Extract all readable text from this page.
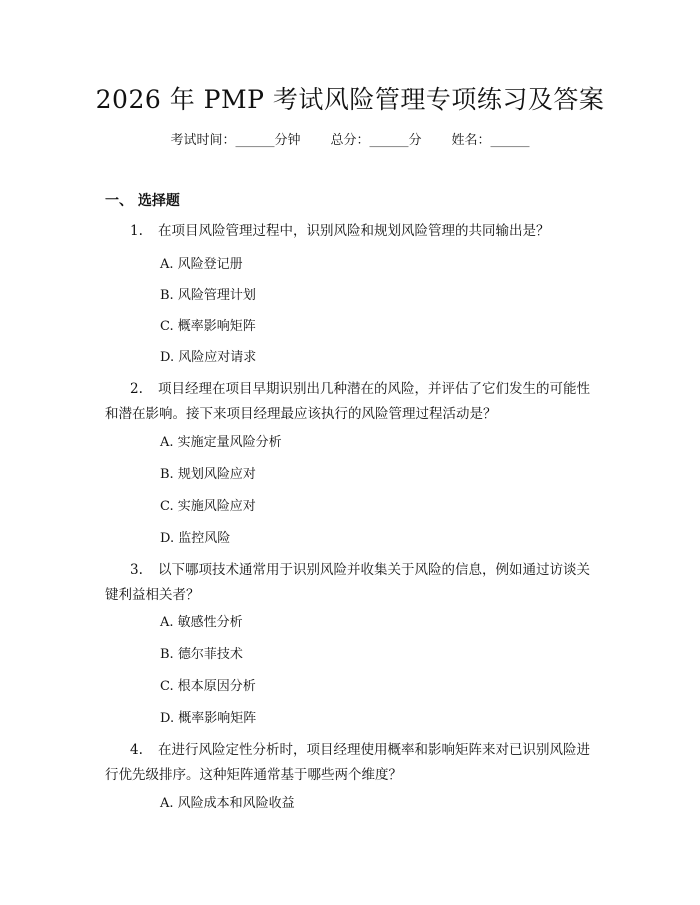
2026 年 PMP 考试风险管理专项练习及答案
考试时间：______分钟 总分：______分 姓名：______
一、 选择题
1. 在项目风险管理过程中，识别风险和规划风险管理的共同输出是？
A. 风险登记册
B. 风险管理计划
C. 概率影响矩阵
D. 风险应对请求
2. 项目经理在项目早期识别出几种潜在的风险，并评估了它们发生的可能性和潜在影响。接下来项目经理最应该执行的风险管理过程活动是？
A. 实施定量风险分析
B. 规划风险应对
C. 实施风险应对
D. 监控风险
3. 以下哪项技术通常用于识别风险并收集关于风险的信息，例如通过访谈关键利益相关者？
A. 敏感性分析
B. 德尔菲技术
C. 根本原因分析
D. 概率影响矩阵
4. 在进行风险定性分析时，项目经理使用概率和影响矩阵来对已识别风险进行优先级排序。这种矩阵通常基于哪些两个维度？
A. 风险成本和风险收益
